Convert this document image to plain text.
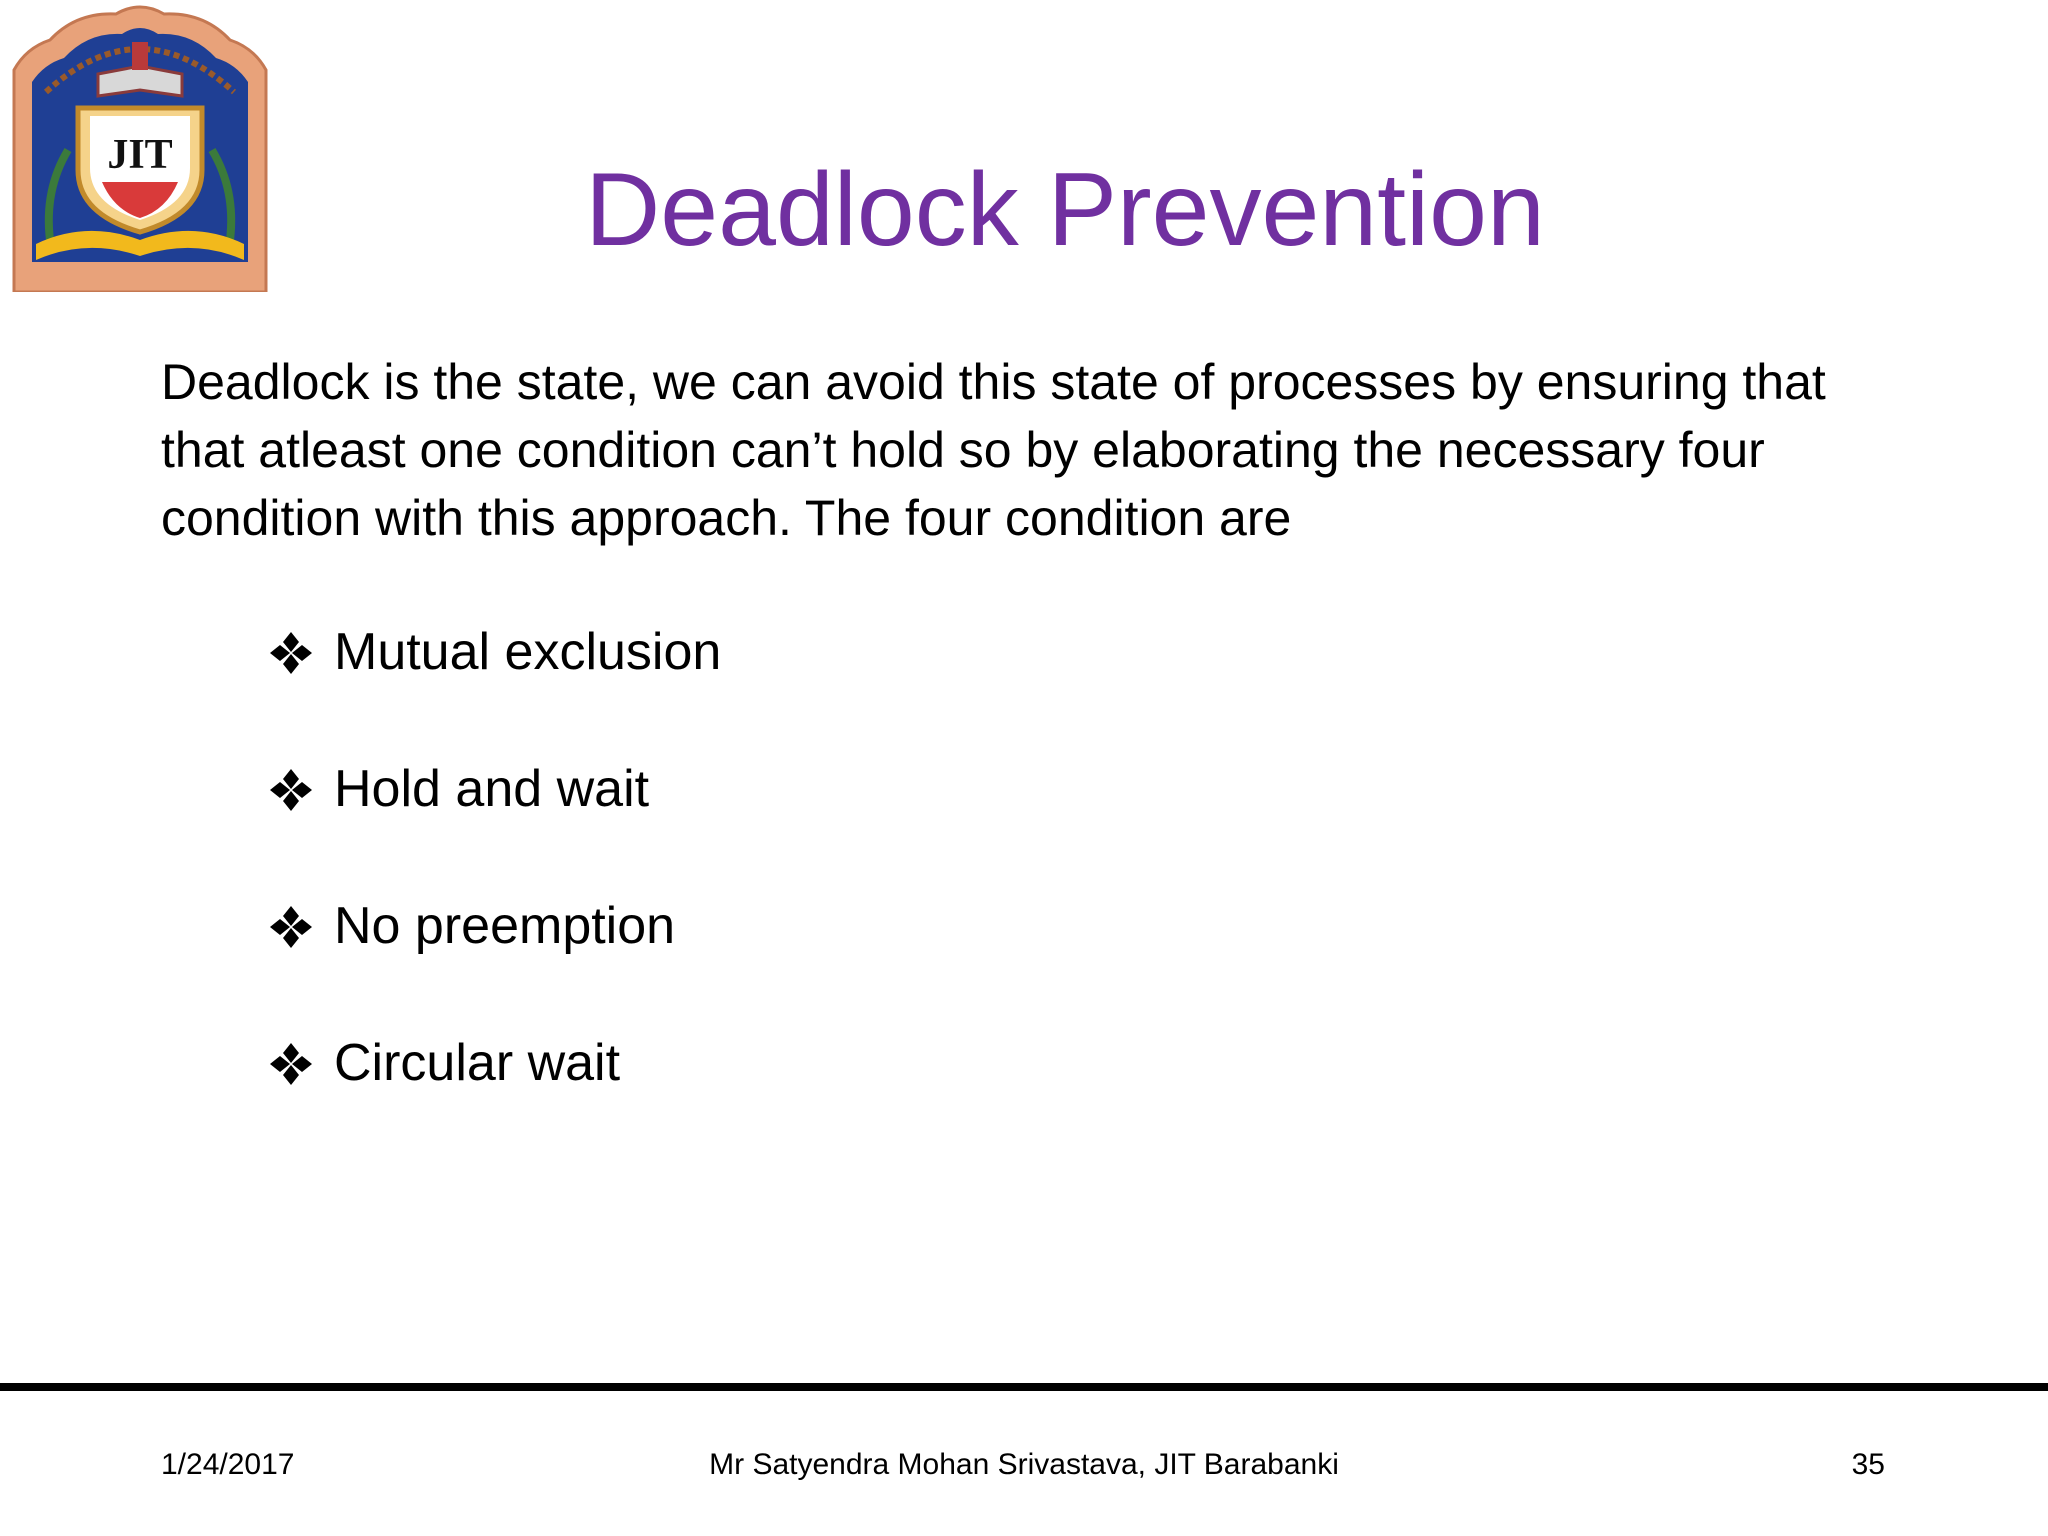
JIT	Deadlock Prevention
Deadlock is the state, we can avoid this state of processes by ensuring that
that atleast one condition can’t hold so by elaborating the necessary four
condition with this approach. The four condition are
Mutual exclusion
Hold and wait
No preemption
Circular wait
1/24/2017	Mr Satyendra Mohan Srivastava, JIT Barabanki	35
